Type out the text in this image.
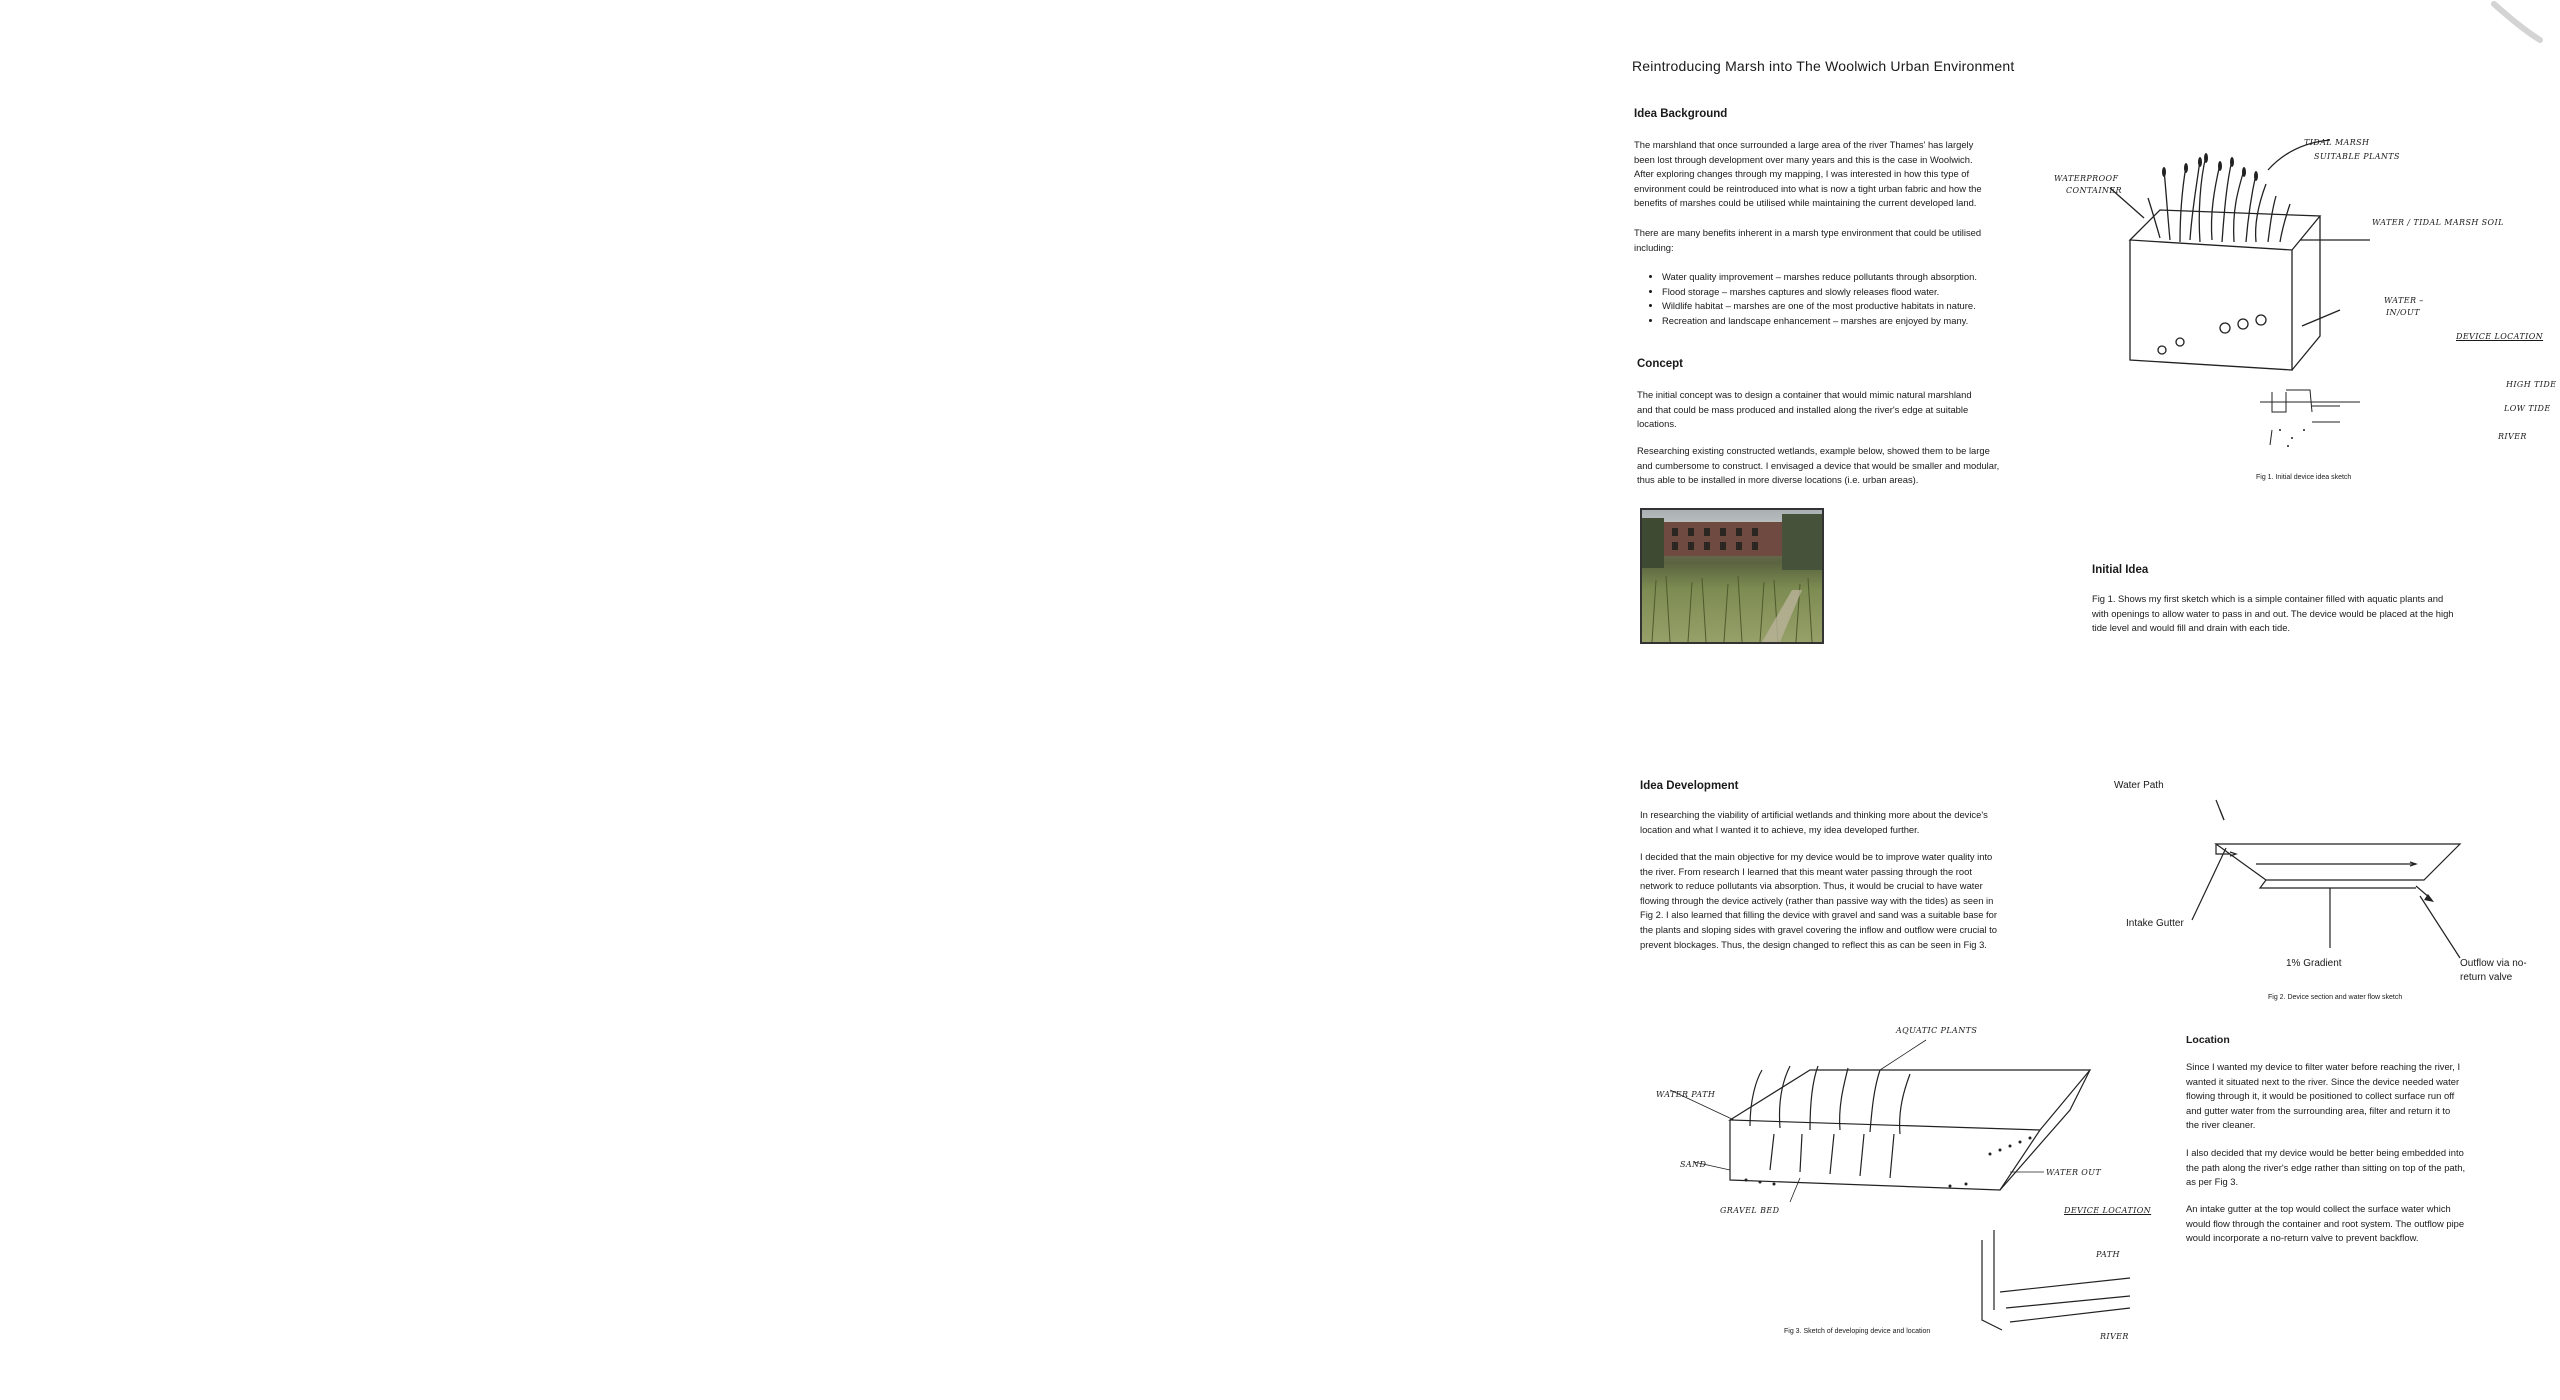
Reintroducing Marsh into The Woolwich Urban Environment
Idea Background
The marshland that once surrounded a large area of the river Thames' has largely
been lost through development over many years and this is the case in Woolwich.
After exploring changes through my mapping, I was interested in how this type of
environment could be reintroduced into what is now a tight urban fabric and how the
benefits of marshes could be utilised while maintaining the current developed land.
There are many benefits inherent in a marsh type environment that could be utilised
including:
• Water quality improvement – marshes reduce pollutants through absorption.
• Flood storage – marshes captures and slowly releases flood water.
• Wildlife habitat – marshes are one of the most productive habitats in nature.
• Recreation and landscape enhancement – marshes are enjoyed by many.
Concept
The initial concept was to design a container that would mimic natural marshland
and that could be mass produced and installed along the river's edge at suitable
locations.
Researching existing constructed wetlands, example below, showed them to be large
and cumbersome to construct. I envisaged a device that would be smaller and modular,
thus able to be installed in more diverse locations (i.e. urban areas).
TIDAL MARSH
SUITABLE PLANTS
WATERPROOF
CONTAINER
WATER / TIDAL MARSH SOIL
WATER –
IN/OUT
DEVICE LOCATION
HIGH TIDE
LOW TIDE
RIVER
Fig 1. Initial device idea sketch
Initial Idea
Fig 1. Shows my first sketch which is a simple container filled with aquatic plants and
with openings to allow water to pass in and out. The device would be placed at the high
tide level and would fill and drain with each tide.
Idea Development
In researching the viability of artificial wetlands and thinking more about the device's
location and what I wanted it to achieve, my idea developed further.
I decided that the main objective for my device would be to improve water quality into
the river. From research I learned that this meant water passing through the root
network to reduce pollutants via absorption. Thus, it would be crucial to have water
flowing through the device actively (rather than passive way with the tides) as seen in
Fig 2. I also learned that filling the device with gravel and sand was a suitable base for
the plants and sloping sides with gravel covering the inflow and outflow were crucial to
prevent blockages. Thus, the design changed to reflect this as can be seen in Fig 3.
Water Path
Intake Gutter
1% Gradient	Outflow via no-
return valve
Fig 2. Device section and water flow sketch
Location
Since I wanted my device to filter water before reaching the river, I
wanted it situated next to the river. Since the device needed water
flowing through it, it would be positioned to collect surface run off
and gutter water from the surrounding area, filter and return it to
the river cleaner.
I also decided that my device would be better being embedded into
the path along the river's edge rather than sitting on top of the path,
as per Fig 3.
An intake gutter at the top would collect the surface water which
would flow through the container and root system. The outflow pipe
would incorporate a no-return valve to prevent backflow.
AQUATIC PLANTS
WATER PATH
SAND
GRAVEL BED
WATER OUT
DEVICE LOCATION
PATH
RIVER
Fig 3. Sketch of developing device and location
